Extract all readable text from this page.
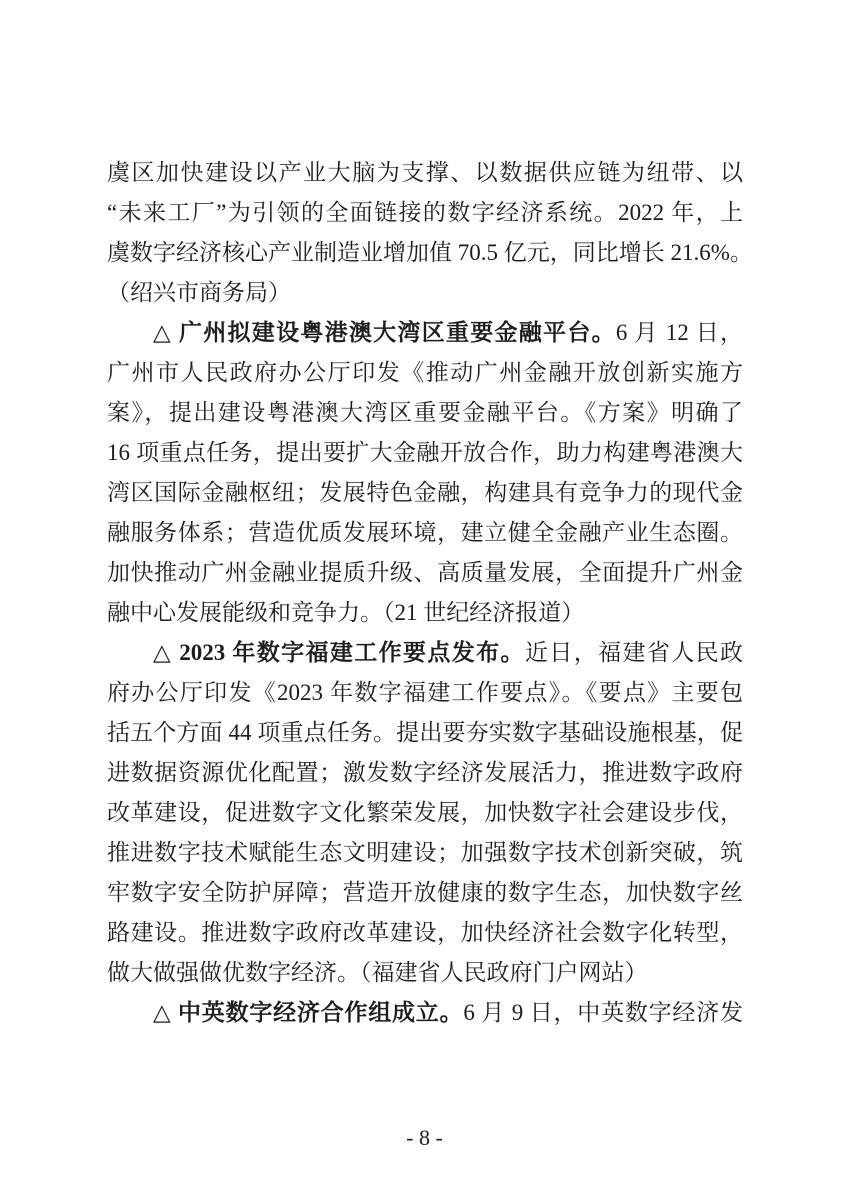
虞区加快建设以产业大脑为支撑、以数据供应链为纽带、以
“未来工厂”为引领的全面链接的数字经济系统。2022 年，上
虞数字经济核心产业制造业增加值 70.5 亿元，同比增长 21.6%。
（绍兴市商务局）
△ 广州拟建设粤港澳大湾区重要金融平台。6 月 12 日，
广州市人民政府办公厅印发《推动广州金融开放创新实施方
案》，提出建设粤港澳大湾区重要金融平台。《方案》明确了
16 项重点任务，提出要扩大金融开放合作，助力构建粤港澳大
湾区国际金融枢纽；发展特色金融，构建具有竞争力的现代金
融服务体系；营造优质发展环境，建立健全金融产业生态圈。
加快推动广州金融业提质升级、高质量发展，全面提升广州金
融中心发展能级和竞争力。（21 世纪经济报道）
△ 2023 年数字福建工作要点发布。近日，福建省人民政
府办公厅印发《2023 年数字福建工作要点》。《要点》主要包
括五个方面 44 项重点任务。提出要夯实数字基础设施根基，促
进数据资源优化配置；激发数字经济发展活力，推进数字政府
改革建设，促进数字文化繁荣发展，加快数字社会建设步伐，
推进数字技术赋能生态文明建设；加强数字技术创新突破，筑
牢数字安全防护屏障；营造开放健康的数字生态，加快数字丝
路建设。推进数字政府改革建设，加快经济社会数字化转型，
做大做强做优数字经济。（福建省人民政府门户网站）
△ 中英数字经济合作组成立。6 月 9 日，中英数字经济发
- 8 -
